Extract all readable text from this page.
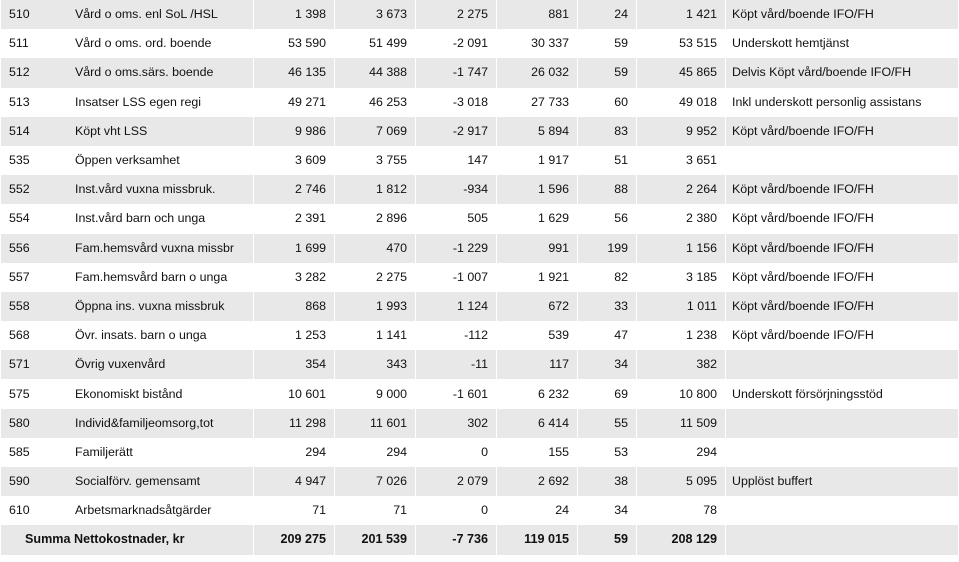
510	Vård o oms. enl SoL /HSL	1 398	3 673	2 275	881	24	1 421	Köpt vård/boende IFO/FH
511	Vård o oms. ord. boende	53 590	51 499	-2 091	30 337	59	53 515	Underskott hemtjänst
512	Vård o oms.särs. boende	46 135	44 388	-1 747	26 032	59	45 865	Delvis Köpt vård/boende IFO/FH
513	Insatser LSS egen regi	49 271	46 253	-3 018	27 733	60	49 018	Inkl underskott personlig assistans
514	Köpt vht LSS	9 986	7 069	-2 917	5 894	83	9 952	Köpt vård/boende IFO/FH
535	Öppen verksamhet	3 609	3 755	147	1 917	51	3 651	
552	Inst.vård vuxna missbruk.	2 746	1 812	-934	1 596	88	2 264	Köpt vård/boende IFO/FH
554	Inst.vård barn och unga	2 391	2 896	505	1 629	56	2 380	Köpt vård/boende IFO/FH
556	Fam.hemsvård vuxna missbr	1 699	470	-1 229	991	199	1 156	Köpt vård/boende IFO/FH
557	Fam.hemsvård barn o unga	3 282	2 275	-1 007	1 921	82	3 185	Köpt vård/boende IFO/FH
558	Öppna ins. vuxna missbruk	868	1 993	1 124	672	33	1 011	Köpt vård/boende IFO/FH
568	Övr. insats. barn o unga	1 253	1 141	-112	539	47	1 238	Köpt vård/boende IFO/FH
571	Övrig vuxenvård	354	343	-11	117	34	382	
575	Ekonomiskt bistånd	10 601	9 000	-1 601	6 232	69	10 800	Underskott försörjningsstöd
580	Individ&familjeomsorg,tot	11 298	11 601	302	6 414	55	11 509	
585	Familjerätt	294	294	0	155	53	294	
590	Socialförv. gemensamt	4 947	7 026	2 079	2 692	38	5 095	Upplöst buffert
610	Arbetsmarknadsåtgärder	71	71	0	24	34	78	
Summa Nettokostnader, kr		209 275	201 539	-7 736	119 015	59	208 129	
